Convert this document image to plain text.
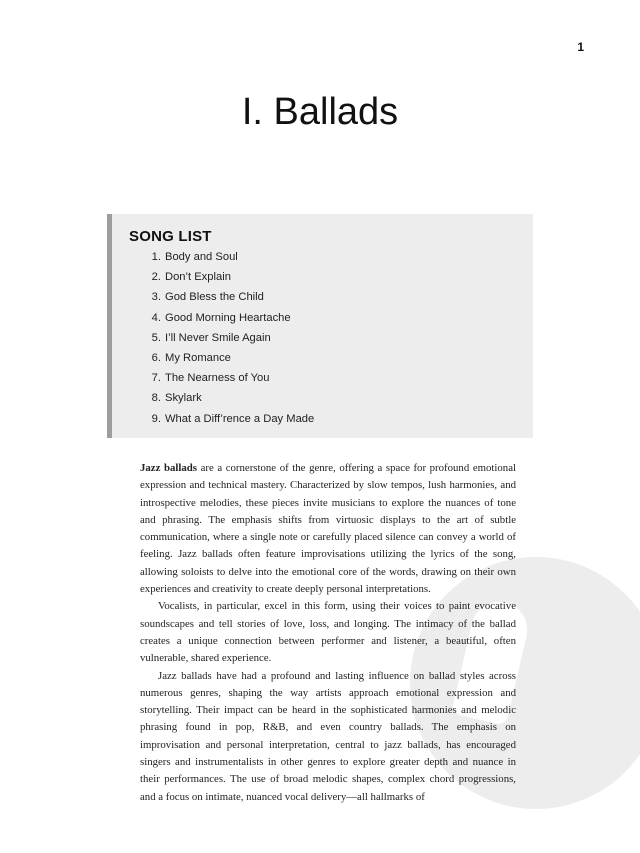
1
I. Ballads
SONG LIST
1. Body and Soul
2. Don’t Explain
3. God Bless the Child
4. Good Morning Heartache
5. I’ll Never Smile Again
6. My Romance
7. The Nearness of You
8. Skylark
9. What a Diff’rence a Day Made

Jazz ballads are a cornerstone of the genre, offering a space for profound emotional expression and technical mastery. Characterized by slow tempos, lush harmonies, and introspective melodies, these pieces invite musicians to explore the nuances of tone and phrasing. The emphasis shifts from virtuosic displays to the art of subtle communication, where a single note or carefully placed silence can convey a world of feeling. Jazz ballads often feature improvisations utilizing the lyrics of the song, allowing soloists to delve into the emotional core of the words, drawing on their own experiences and creativity to create deeply personal interpretations.

Vocalists, in particular, excel in this form, using their voices to paint evocative soundscapes and tell stories of love, loss, and longing. The intimacy of the ballad creates a unique connection between performer and listener, a beautiful, often vulnerable, shared experience.

Jazz ballads have had a profound and lasting influence on ballad styles across numerous genres, shaping the way artists approach emotional expression and storytelling. Their impact can be heard in the sophisticated harmonies and melodic phrasing found in pop, R&B, and even country ballads. The emphasis on improvisation and personal interpretation, central to jazz ballads, has encouraged singers and instrumentalists in other genres to explore greater depth and nuance in their performances. The use of broad melodic shapes, complex chord progressions, and a focus on intimate, nuanced vocal delivery—all hallmarks of
